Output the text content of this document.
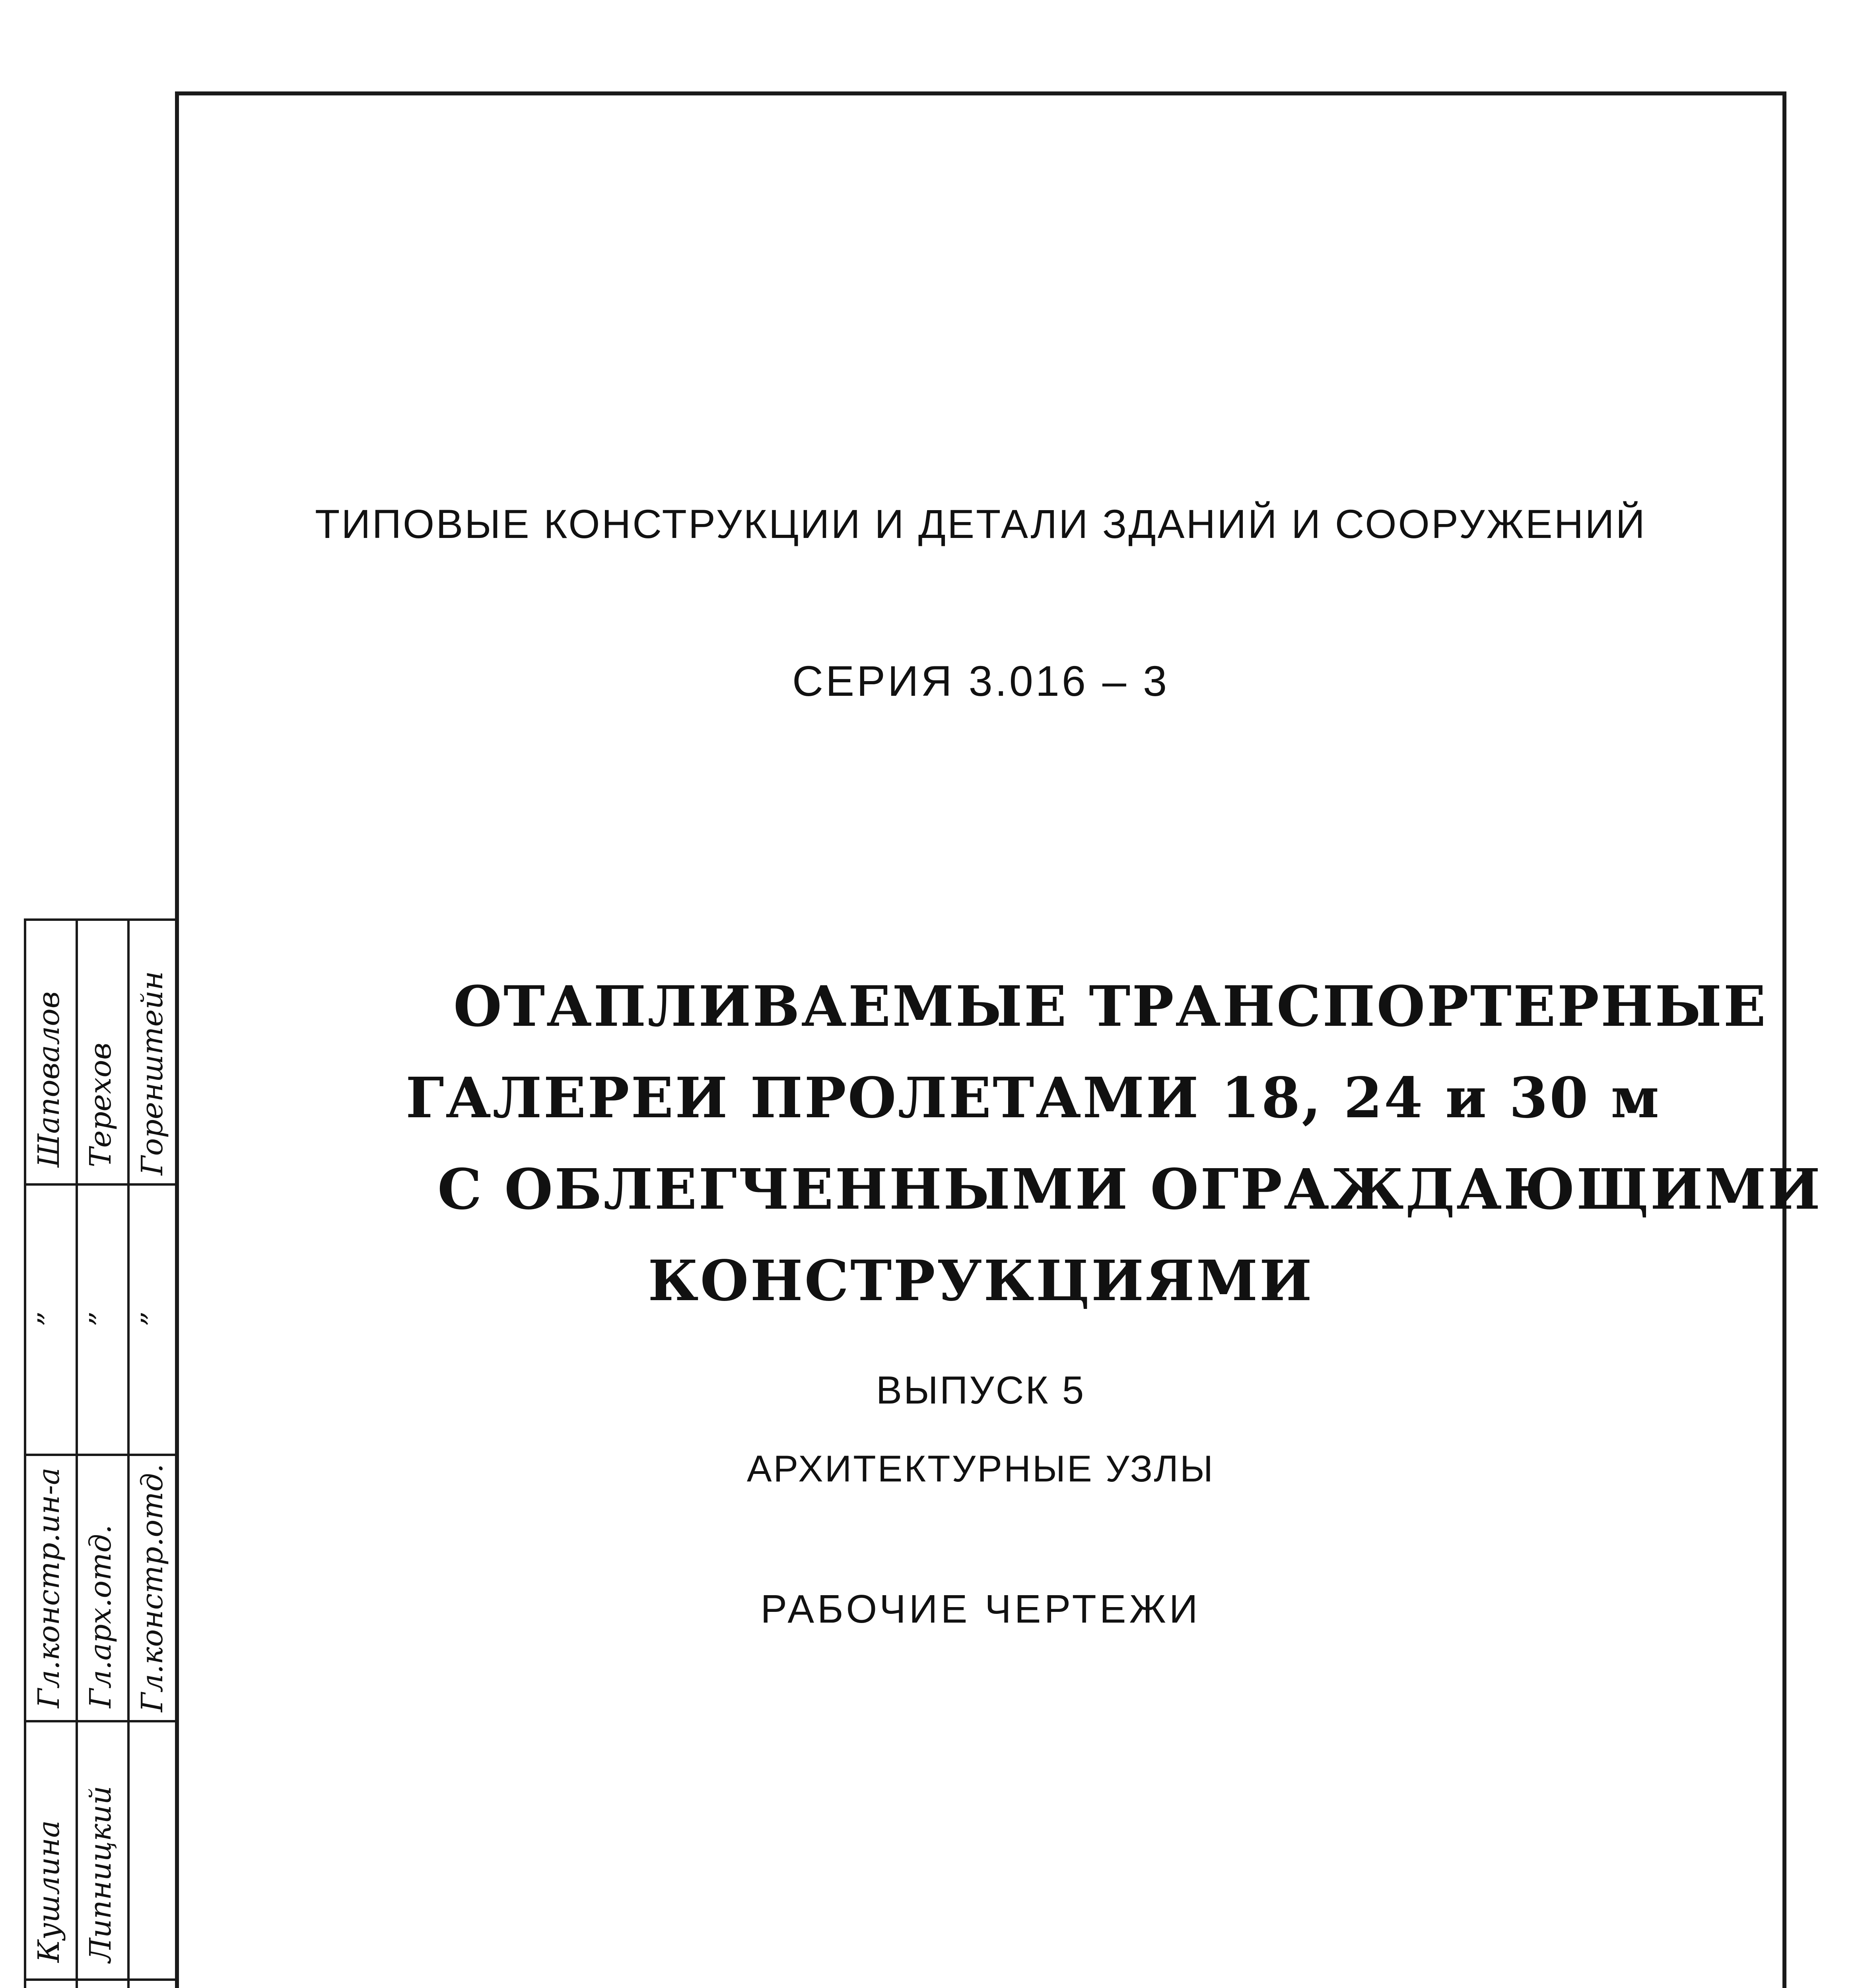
ТИПОВЫЕ КОНСТРУКЦИИ И ДЕТАЛИ ЗДАНИЙ И СООРУЖЕНИЙ
СЕРИЯ 3.016 – 3
ОТАПЛИВАЕМЫЕ ТРАНСПОРТЕРНЫЕ
ГАЛЕРЕИ ПРОЛЕТАМИ 18, 24 и 30 м
С ОБЛЕГЧЕННЫМИ ОГРАЖДАЮЩИМИ
КОНСТРУКЦИЯМИ
ВЫПУСК 5
АРХИТЕКТУРНЫЕ УЗЛЫ
РАБОЧИЕ ЧЕРТЕЖИ
Шаповалов
”
Гл.констр.ин-а
Кушлина
Терехов
”
Гл.арх.отд.
Липницкий
Горенштейн
”
Гл.констр.отд.
